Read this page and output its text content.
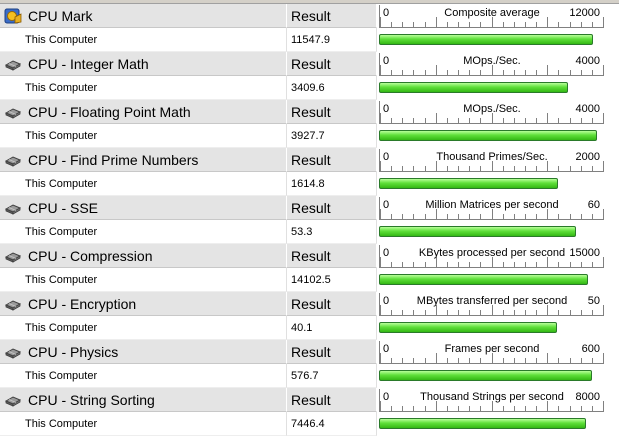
CPU Mark	Result	0	Composite average	12000
This Computer	11547.9
CPU - Integer Math	Result	0	MOps./Sec.	4000
This Computer	3409.6
CPU - Floating Point Math	Result	0	MOps./Sec.	4000
This Computer	3927.7
CPU - Find Prime Numbers	Result	0	Thousand Primes/Sec.	2000
This Computer	1614.8
CPU - SSE	Result	0	Million Matrices per second	60
This Computer	53.3
CPU - Compression	Result	0	KBytes processed per second 15000
This Computer	14102.5
CPU - Encryption	Result	0	MBytes transferred per second	50
This Computer	40.1
CPU - Physics	Result	0	Frames per second	600
This Computer	576.7
CPU - String Sorting	Result	0	Thousand Strings per second	8000
This Computer	7446.4
